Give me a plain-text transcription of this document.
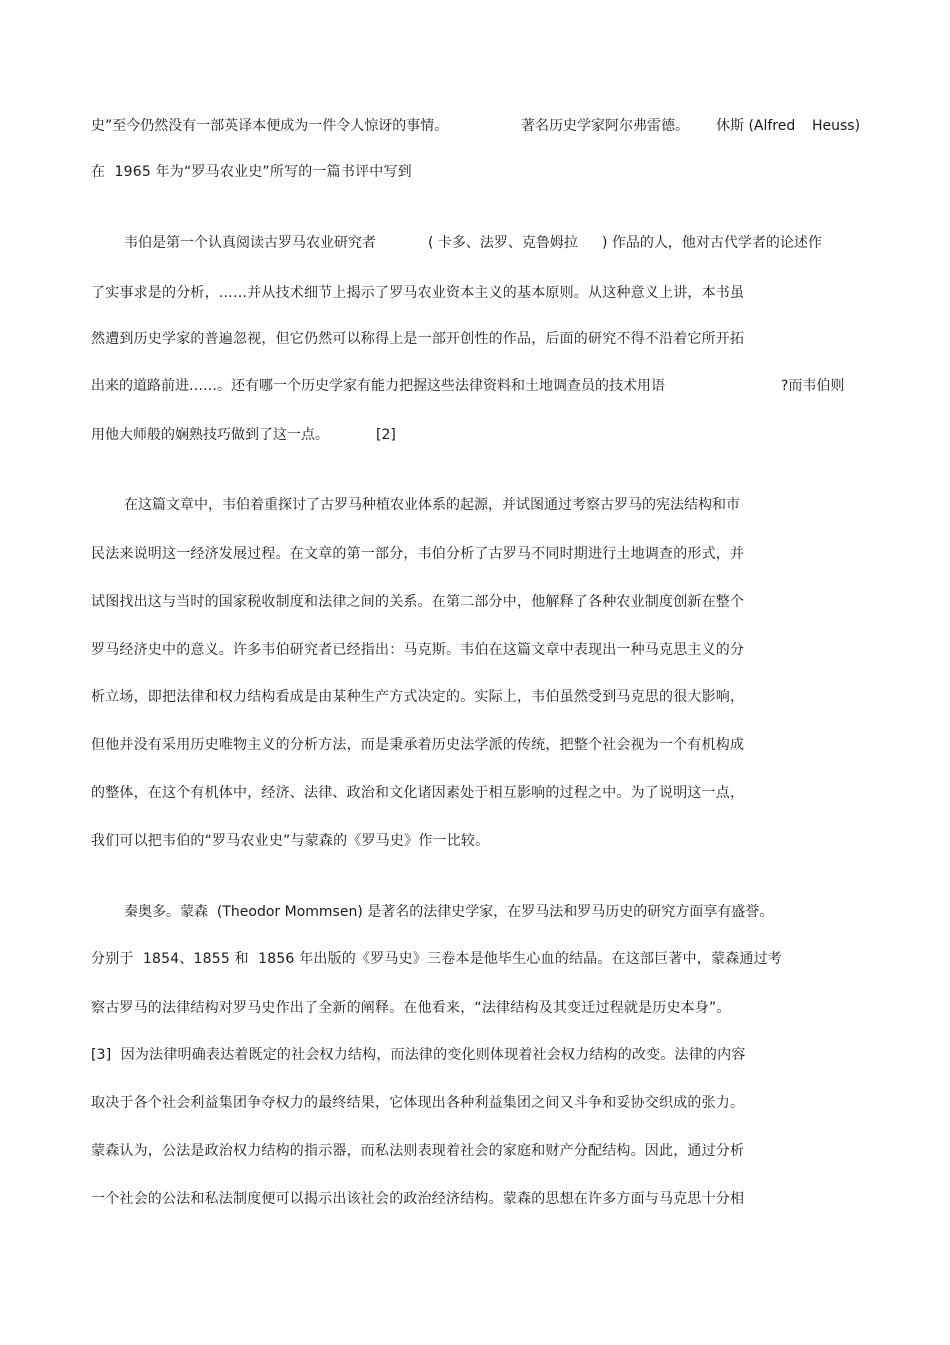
史”至今仍然没有一部英译本便成为一件令人惊讶的事情。	著名历史学家阿尔弗雷德。 休斯 (Alfred Heuss)
在  1965 年为“罗马农业史”所写的一篇书评中写到
韦伯是第一个认真阅读古罗马农业研究者	( 卡多、法罗、克鲁姆拉 ) 作品的人，他对古代学者的论述作
了实事求是的分析，……并从技术细节上揭示了罗马农业资本主义的基本原则。从这种意义上讲，本书虽
然遭到历史学家的普遍忽视，但它仍然可以称得上是一部开创性的作品，后面的研究不得不沿着它所开拓
出来的道路前进……。还有哪一个历史学家有能力把握这些法律资料和土地调查员的技术用语	?而韦伯则
用他大师般的娴熟技巧做到了这一点。	[2]
在这篇文章中，韦伯着重探讨了古罗马种植农业体系的起源，并试图通过考察古罗马的宪法结构和市
民法来说明这一经济发展过程。在文章的第一部分，韦伯分析了古罗马不同时期进行土地调查的形式，并
试图找出这与当时的国家税收制度和法律之间的关系。在第二部分中，他解释了各种农业制度创新在整个
罗马经济史中的意义。许多韦伯研究者已经指出：马克斯。韦伯在这篇文章中表现出一种马克思主义的分
析立场，即把法律和权力结构看成是由某种生产方式决定的。实际上，韦伯虽然受到马克思的很大影响，
但他并没有采用历史唯物主义的分析方法，而是秉承着历史法学派的传统，把整个社会视为一个有机构成
的整体，在这个有机体中，经济、法律、政治和文化诸因素处于相互影响的过程之中。为了说明这一点，
我们可以把韦伯的“罗马农业史”与蒙森的《罗马史》作一比较。
秦奥多。蒙森  (Theodor Mommsen) 是著名的法律史学家，在罗马法和罗马历史的研究方面享有盛誉。
分别于  1854、1855 和  1856 年出版的《罗马史》三卷本是他毕生心血的结晶。在这部巨著中，蒙森通过考
察古罗马的法律结构对罗马史作出了全新的阐释。在他看来，“法律结构及其变迁过程就是历史本身”。
[3]  因为法律明确表达着既定的社会权力结构，而法律的变化则体现着社会权力结构的改变。法律的内容
取决于各个社会利益集团争夺权力的最终结果，它体现出各种利益集团之间又斗争和妥协交织成的张力。
蒙森认为，公法是政治权力结构的指示器，而私法则表现着社会的家庭和财产分配结构。因此，通过分析
一个社会的公法和私法制度便可以揭示出该社会的政治经济结构。蒙森的思想在许多方面与马克思十分相
